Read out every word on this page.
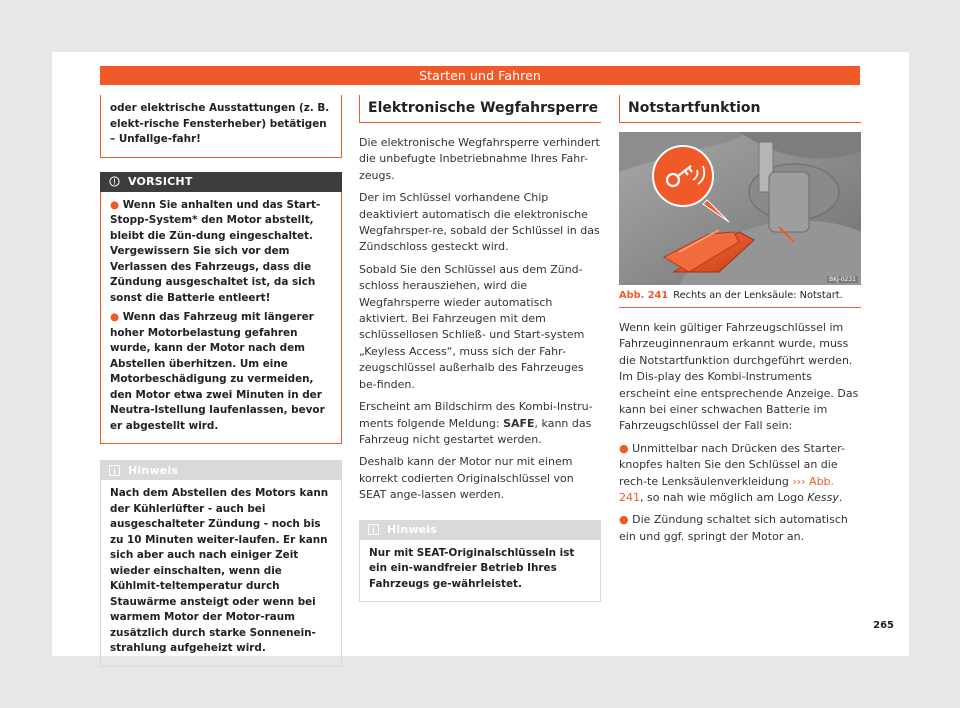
Starten und Fahren
oder elektrische Ausstattungen (z. B. elekt-rische Fensterheber) betätigen – Unfallge-fahr!
VORSICHT

● Wenn Sie anhalten und das Start-Stopp-System* den Motor abstellt, bleibt die Zün-dung eingeschaltet. Vergewissern Sie sich vor dem Verlassen des Fahrzeugs, dass die Zündung ausgeschaltet ist, da sich sonst die Batterie entleert!

● Wenn das Fahrzeug mit längerer hoher Motorbelastung gefahren wurde, kann der Motor nach dem Abstellen überhitzen. Um eine Motorbeschädigung zu vermeiden, den Motor etwa zwei Minuten in der Neutra-lstellung laufenlassen, bevor er abgestellt wird.

Hinweis
Nach dem Abstellen des Motors kann der Kühlerlüfter - auch bei ausgeschalteter Zündung - noch bis zu 10 Minuten weiter-laufen. Er kann sich aber auch nach einiger Zeit wieder einschalten, wenn die Kühlmit-teltemperatur durch Stauwärme ansteigt oder wenn bei warmem Motor der Motor-raum zusätzlich durch starke Sonnenein-strahlung aufgeheizt wird.
Elektronische Wegfahrsperre

Die elektronische Wegfahrsperre verhindert die unbefugte Inbetriebnahme Ihres Fahr-zeugs.

Der im Schlüssel vorhandene Chip deaktiviert automatisch die elektronische Wegfahrsper-re, sobald der Schlüssel in das Zündschloss gesteckt wird.

Sobald Sie den Schlüssel aus dem Zünd-schloss herausziehen, wird die Wegfahrsperre wieder automatisch aktiviert. Bei Fahrzeugen mit dem schlüssellosen Schließ- und Start-system „Keyless Access“, muss sich der Fahr-zeugschlüssel außerhalb des Fahrzeuges be-finden.

Erscheint am Bildschirm des Kombi-Instru-ments folgende Meldung: SAFE, kann das Fahrzeug nicht gestartet werden.

Deshalb kann der Motor nur mit einem korrekt codierten Originalschlüssel von SEAT ange-lassen werden.

Hinweis
Nur mit SEAT-Originalschlüsseln ist ein ein-wandfreier Betrieb Ihres Fahrzeugs ge-währleistet.
Notstartfunktion
BKJ-0231
Abb. 241 Rechts an der Lenksäule: Notstart.

Wenn kein gültiger Fahrzeugschlüssel im Fahrzeuginnenraum erkannt wurde, muss die Notstartfunktion durchgeführt werden. Im Dis-play des Kombi-Instruments erscheint eine entsprechende Anzeige. Das kann bei einer schwachen Batterie im Fahrzeugschlüssel der Fall sein:

● Unmittelbar nach Drücken des Starter-knopfes halten Sie den Schlüssel an die rech-te Lenksäulenverkleidung ››› Abb. 241, so nah wie möglich am Logo Kessy.

● Die Zündung schaltet sich automatisch ein und ggf. springt der Motor an.

265
